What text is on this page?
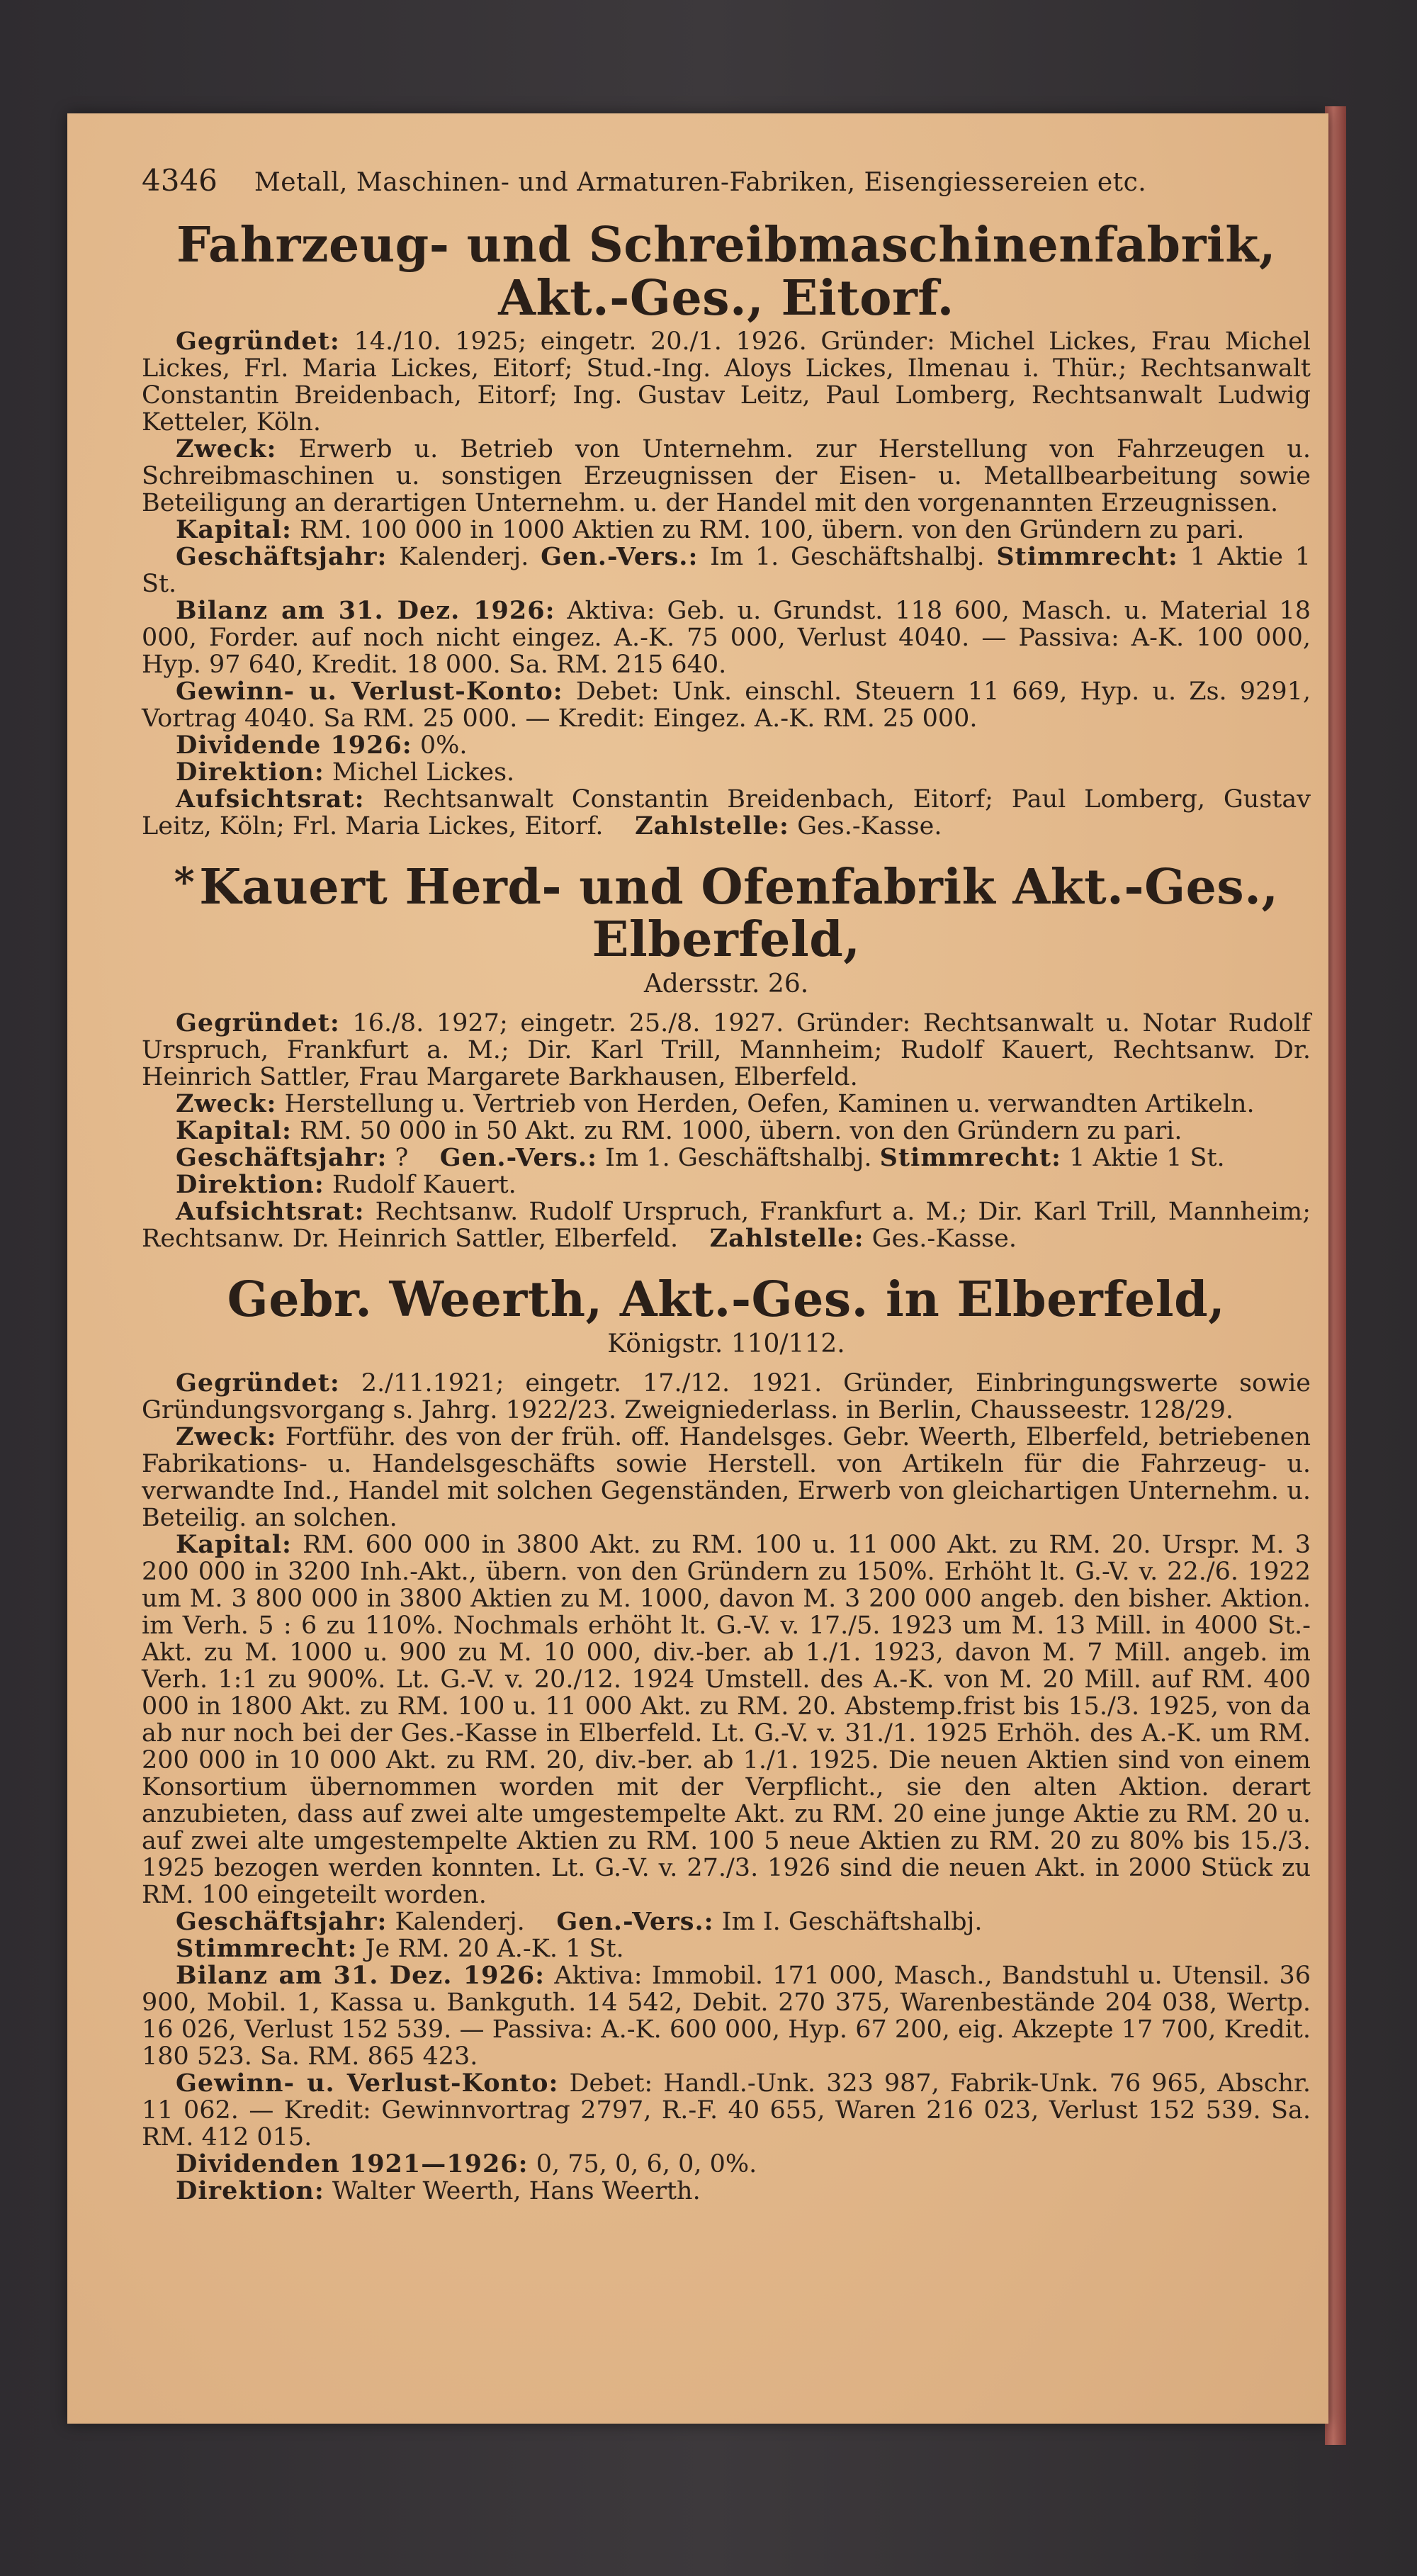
4346 Metall, Maschinen- und Armaturen-Fabriken, Eisengiessereien etc.
Fahrzeug- und Schreibmaschinenfabrik, Akt.-Ges., Eitorf.

Gegründet: 14./10. 1925; eingetr. 20./1. 1926. Gründer: Michel Lickes, Frau Michel Lickes, Frl. Maria Lickes, Eitorf; Stud.-Ing. Aloys Lickes, Ilmenau i. Thür.; Rechtsanwalt Constantin Breidenbach, Eitorf; Ing. Gustav Leitz, Paul Lomberg, Rechtsanwalt Ludwig Ketteler, Köln.

Zweck: Erwerb u. Betrieb von Unternehm. zur Herstellung von Fahrzeugen u. Schreibmaschinen u. sonstigen Erzeugnissen der Eisen- u. Metallbearbeitung sowie Beteiligung an derartigen Unternehm. u. der Handel mit den vorgenannten Erzeugnissen.

Kapital: RM. 100 000 in 1000 Aktien zu RM. 100, übern. von den Gründern zu pari.

Geschäftsjahr: Kalenderj. Gen.-Vers.: Im 1. Geschäftshalbj. Stimmrecht: 1 Aktie 1 St.

Bilanz am 31. Dez. 1926: Aktiva: Geb. u. Grundst. 118 600, Masch. u. Material 18 000, Forder. auf noch nicht eingez. A.-K. 75 000, Verlust 4040. — Passiva: A-K. 100 000, Hyp. 97 640, Kredit. 18 000. Sa. RM. 215 640.

Gewinn- u. Verlust-Konto: Debet: Unk. einschl. Steuern 11 669, Hyp. u. Zs. 9291, Vortrag 4040. Sa RM. 25 000. — Kredit: Eingez. A.-K. RM. 25 000.

Dividende 1926: 0%.

Direktion: Michel Lickes.

Aufsichtsrat: Rechtsanwalt Constantin Breidenbach, Eitorf; Paul Lomberg, Gustav Leitz, Köln; Frl. Maria Lickes, Eitorf. Zahlstelle: Ges.-Kasse.

*Kauert Herd- und Ofenfabrik Akt.-Ges., Elberfeld,
Adersstr. 26.

Gegründet: 16./8. 1927; eingetr. 25./8. 1927. Gründer: Rechtsanwalt u. Notar Rudolf Urspruch, Frankfurt a. M.; Dir. Karl Trill, Mannheim; Rudolf Kauert, Rechtsanw. Dr. Heinrich Sattler, Frau Margarete Barkhausen, Elberfeld.

Zweck: Herstellung u. Vertrieb von Herden, Oefen, Kaminen u. verwandten Artikeln.

Kapital: RM. 50 000 in 50 Akt. zu RM. 1000, übern. von den Gründern zu pari.

Geschäftsjahr: ? Gen.-Vers.: Im 1. Geschäftshalbj. Stimmrecht: 1 Aktie 1 St.

Direktion: Rudolf Kauert.

Aufsichtsrat: Rechtsanw. Rudolf Urspruch, Frankfurt a. M.; Dir. Karl Trill, Mannheim; Rechtsanw. Dr. Heinrich Sattler, Elberfeld. Zahlstelle: Ges.-Kasse.

Gebr. Weerth, Akt.-Ges. in Elberfeld,
Königstr. 110/112.

Gegründet: 2./11.1921; eingetr. 17./12. 1921. Gründer, Einbringungswerte sowie Gründungsvorgang s. Jahrg. 1922/23. Zweigniederlass. in Berlin, Chausseestr. 128/29.

Zweck: Fortführ. des von der früh. off. Handelsges. Gebr. Weerth, Elberfeld, betriebenen Fabrikations- u. Handelsgeschäfts sowie Herstell. von Artikeln für die Fahrzeug- u. verwandte Ind., Handel mit solchen Gegenständen, Erwerb von gleichartigen Unternehm. u. Beteilig. an solchen.

Kapital: RM. 600 000 in 3800 Akt. zu RM. 100 u. 11 000 Akt. zu RM. 20. Urspr. M. 3 200 000 in 3200 Inh.-Akt., übern. von den Gründern zu 150%. Erhöht lt. G.-V. v. 22./6. 1922 um M. 3 800 000 in 3800 Aktien zu M. 1000, davon M. 3 200 000 angeb. den bisher. Aktion. im Verh. 5 : 6 zu 110%. Nochmals erhöht lt. G.-V. v. 17./5. 1923 um M. 13 Mill. in 4000 St.-Akt. zu M. 1000 u. 900 zu M. 10 000, div.-ber. ab 1./1. 1923, davon M. 7 Mill. angeb. im Verh. 1:1 zu 900%. Lt. G.-V. v. 20./12. 1924 Umstell. des A.-K. von M. 20 Mill. auf RM. 400 000 in 1800 Akt. zu RM. 100 u. 11 000 Akt. zu RM. 20. Abstemp.frist bis 15./3. 1925, von da ab nur noch bei der Ges.-Kasse in Elberfeld. Lt. G.-V. v. 31./1. 1925 Erhöh. des A.-K. um RM. 200 000 in 10 000 Akt. zu RM. 20, div.-ber. ab 1./1. 1925. Die neuen Aktien sind von einem Konsortium übernommen worden mit der Verpflicht., sie den alten Aktion. derart anzubieten, dass auf zwei alte umgestempelte Akt. zu RM. 20 eine junge Aktie zu RM. 20 u. auf zwei alte umgestempelte Aktien zu RM. 100 5 neue Aktien zu RM. 20 zu 80% bis 15./3. 1925 bezogen werden konnten. Lt. G.-V. v. 27./3. 1926 sind die neuen Akt. in 2000 Stück zu RM. 100 eingeteilt worden.

Geschäftsjahr: Kalenderj. Gen.-Vers.: Im I. Geschäftshalbj.

Stimmrecht: Je RM. 20 A.-K. 1 St.

Bilanz am 31. Dez. 1926: Aktiva: Immobil. 171 000, Masch., Bandstuhl u. Utensil. 36 900, Mobil. 1, Kassa u. Bankguth. 14 542, Debit. 270 375, Warenbestände 204 038, Wertp. 16 026, Verlust 152 539. — Passiva: A.-K. 600 000, Hyp. 67 200, eig. Akzepte 17 700, Kredit. 180 523. Sa. RM. 865 423.

Gewinn- u. Verlust-Konto: Debet: Handl.-Unk. 323 987, Fabrik-Unk. 76 965, Abschr. 11 062. — Kredit: Gewinnvortrag 2797, R.-F. 40 655, Waren 216 023, Verlust 152 539. Sa. RM. 412 015.

Dividenden 1921—1926: 0, 75, 0, 6, 0, 0%.

Direktion: Walter Weerth, Hans Weerth.
